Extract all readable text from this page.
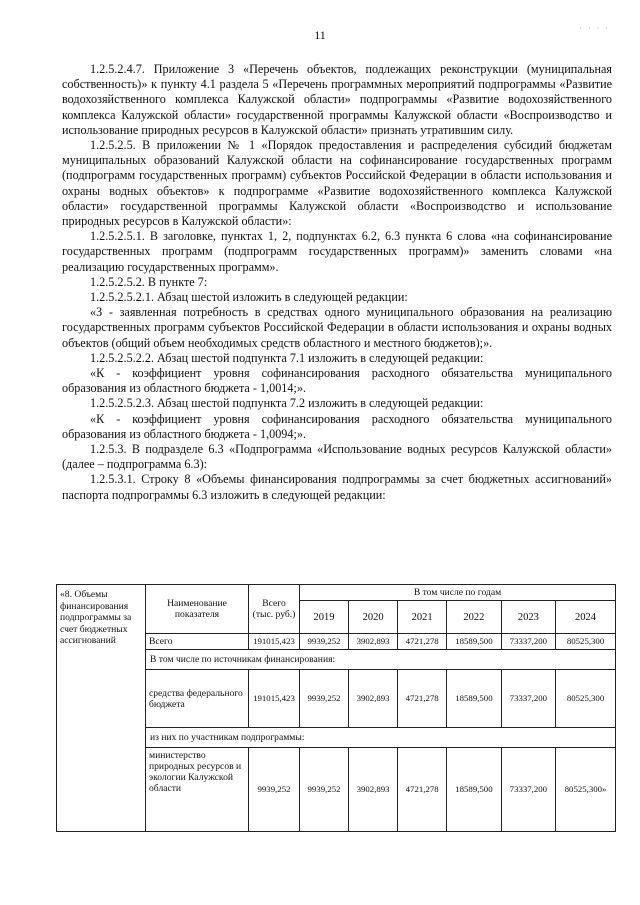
11	· · · ·

1.2.5.2.4.7. Приложение 3 «Перечень объектов, подлежащих реконструкции (муниципальная собственность)» к пункту 4.1 раздела 5 «Перечень программных мероприятий подпрограммы «Развитие водохозяйственного комплекса Калужской области» подпрограммы «Развитие водохозяйственного комплекса Калужской области» государственной программы Калужской области «Воспроизводство и использование природных ресурсов в Калужской области» признать утратившим силу.

1.2.5.2.5. В приложении № 1 «Порядок предоставления и распределения субсидий бюджетам муниципальных образований Калужской области на софинансирование государственных программ (подпрограмм государственных программ) субъектов Российской Федерации в области использования и охраны водных объектов» к подпрограмме «Развитие водохозяйственного комплекса Калужской области» государственной программы Калужской области «Воспроизводство и использование природных ресурсов в Калужской области»:

1.2.5.2.5.1. В заголовке, пунктах 1, 2, подпунктах 6.2, 6.3 пункта 6 слова «на софинансирование государственных программ (подпрограмм государственных программ)» заменить словами «на реализацию государственных программ».

1.2.5.2.5.2. В пункте 7:

1.2.5.2.5.2.1. Абзац шестой изложить в следующей редакции:

«З - заявленная потребность в средствах одного муниципального образования на реализацию государственных программ субъектов Российской Федерации в области использования и охраны водных объектов (общий объем необходимых средств областного и местного бюджетов);».

1.2.5.2.5.2.2. Абзац шестой подпункта 7.1 изложить в следующей редакции:

«К - коэффициент уровня софинансирования расходного обязательства муниципального образования из областного бюджета - 1,0014;».

1.2.5.2.5.2.3. Абзац шестой подпункта 7.2 изложить в следующей редакции:

«К - коэффициент уровня софинансирования расходного обязательства муниципального образования из областного бюджета - 1,0094;».

1.2.5.3. В подразделе 6.3 «Подпрограмма «Использование водных ресурсов Калужской области» (далее – подпрограмма 6.3):

1.2.5.3.1. Строку 8 «Объемы финансирования подпрограммы за счет бюджетных ассигнований» паспорта подпрограммы 6.3 изложить в следующей редакции:

«8. Объемы финансирования подпрограммы за счет бюджетных ассигнований	Наименование показателя	Всего (тыс. руб.)	В том числе по годам					
			2019	2020	2021	2022	2023	2024
	Всего	191015,423	9939,252	3902,893	4721,278	18589,500	73337,200	80525,300
	В том числе по источникам финансирования:							
	средства федерального бюджета	191015,423	9939,252	3902,893	4721,278	18589,500	73337,200	80525,300
	из них по участникам подпрограммы:							
	министерство природных ресурсов и экологии Калужской области	9939,252	9939,252	3902,893	4721,278	18589,500	73337,200	80525,300»
